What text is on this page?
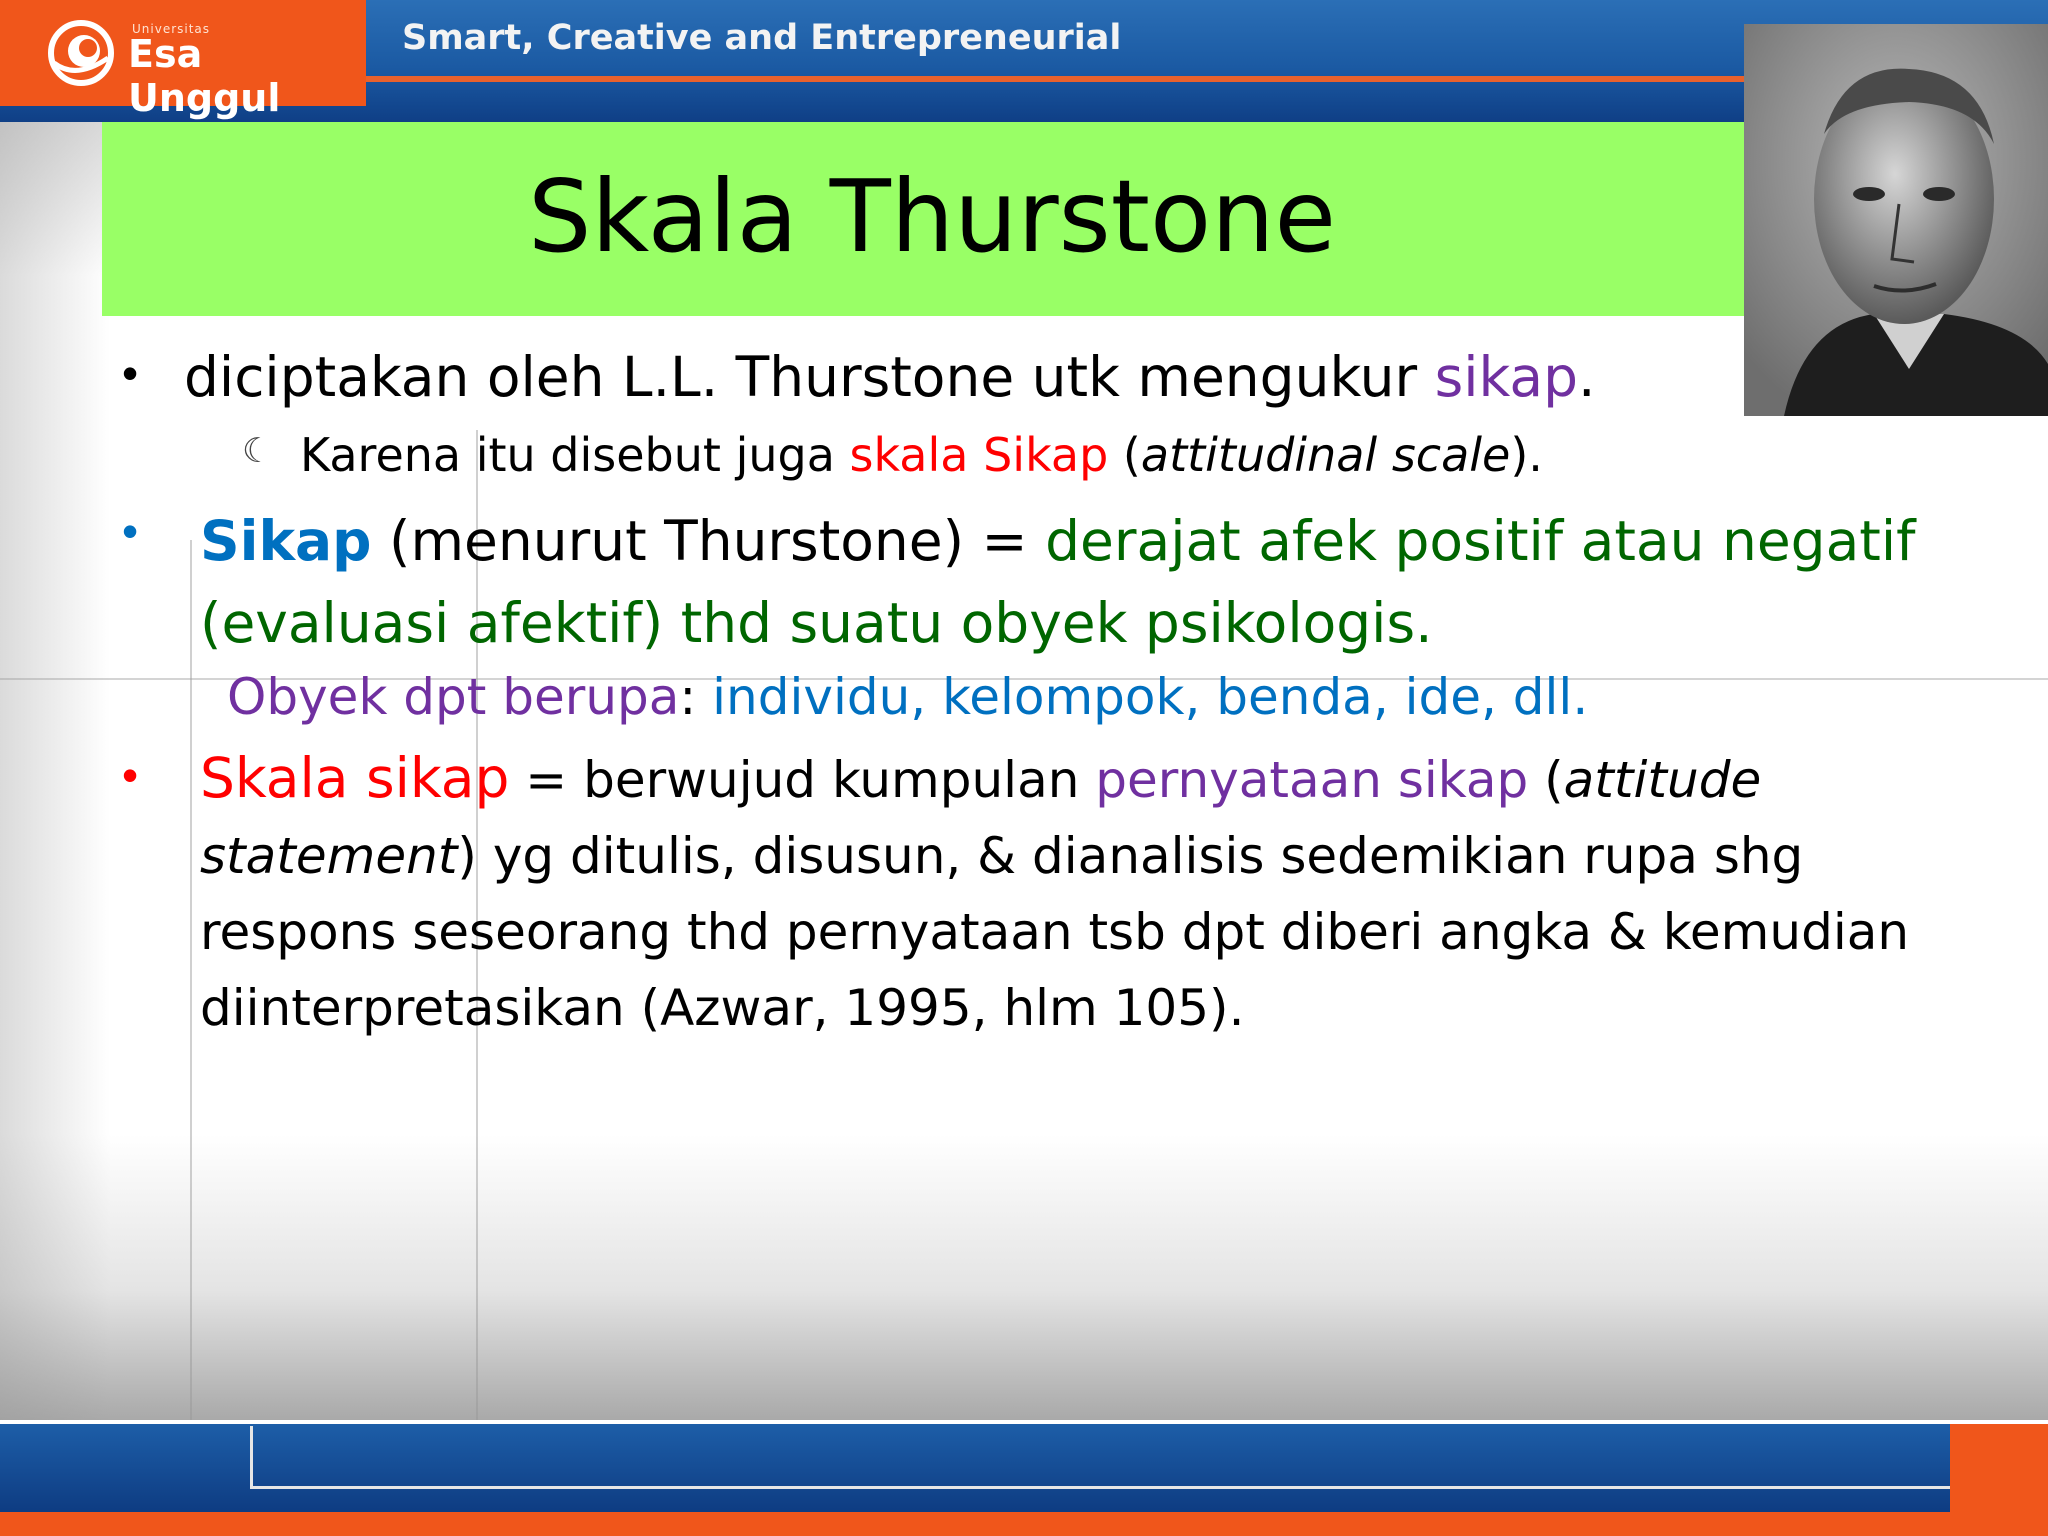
Universitas
Esa Unggul
Smart, Creative and Entrepreneurial
Skala Thurstone
• diciptakan oleh L.L. Thurstone utk mengukur sikap.
☾ Karena itu disebut juga skala Sikap (attitudinal scale).
• Sikap (menurut Thurstone) = derajat afek positif atau negatif (evaluasi afektif) thd suatu obyek psikologis.
Obyek dpt berupa: individu, kelompok, benda, ide, dll.
• Skala sikap = berwujud kumpulan pernyataan sikap (attitude statement) yg ditulis, disusun, & dianalisis sedemikian rupa shg respons seseorang thd pernyataan tsb dpt diberi angka & kemudian diinterpretasikan (Azwar, 1995, hlm 105).
